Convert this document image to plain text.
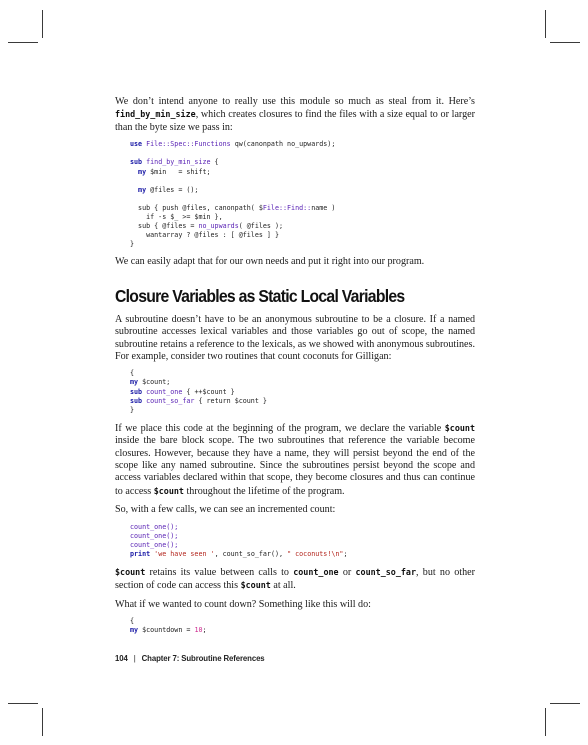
We don’t intend anyone to really use this module so much as steal from it. Here’s find_by_min_size, which creates closures to find the files with a size equal to or larger than the byte size we pass in:

use File::Spec::Functions qw(canonpath no_upwards);

sub find_by_min_size {
my $min   = shift;

my @files = ();

sub { push @files, canonpath( $File::Find::name )
if -s $_ >= $min },
sub { @files = no_upwards( @files );
wantarray ? @files : [ @files ] }
}

We can easily adapt that for our own needs and put it right into our program.

Closure Variables as Static Local Variables

A subroutine doesn’t have to be an anonymous subroutine to be a closure. If a named subroutine accesses lexical variables and those variables go out of scope, the named subroutine retains a reference to the lexicals, as we showed with anonymous subroutines. For example, consider two routines that count coconuts for Gilligan:

{
my $count;
sub count_one { ++$count }
sub count_so_far { return $count }
}

If we place this code at the beginning of the program, we declare the variable $count inside the bare block scope. The two subroutines that reference the variable become closures. However, because they have a name, they will persist beyond the end of the scope like any named subroutine. Since the subroutines persist beyond the scope and access variables declared within that scope, they become closures and thus can continue to access $count throughout the lifetime of the program.

So, with a few calls, we can see an incremented count:

count_one();
count_one();
count_one();
print 'we have seen ', count_so_far(), " coconuts!\n";

$count retains its value between calls to count_one or count_so_far, but no other section of code can access this $count at all.

What if we wanted to count down? Something like this will do:

{
my $countdown = 10;
104 | Chapter 7: Subroutine References
